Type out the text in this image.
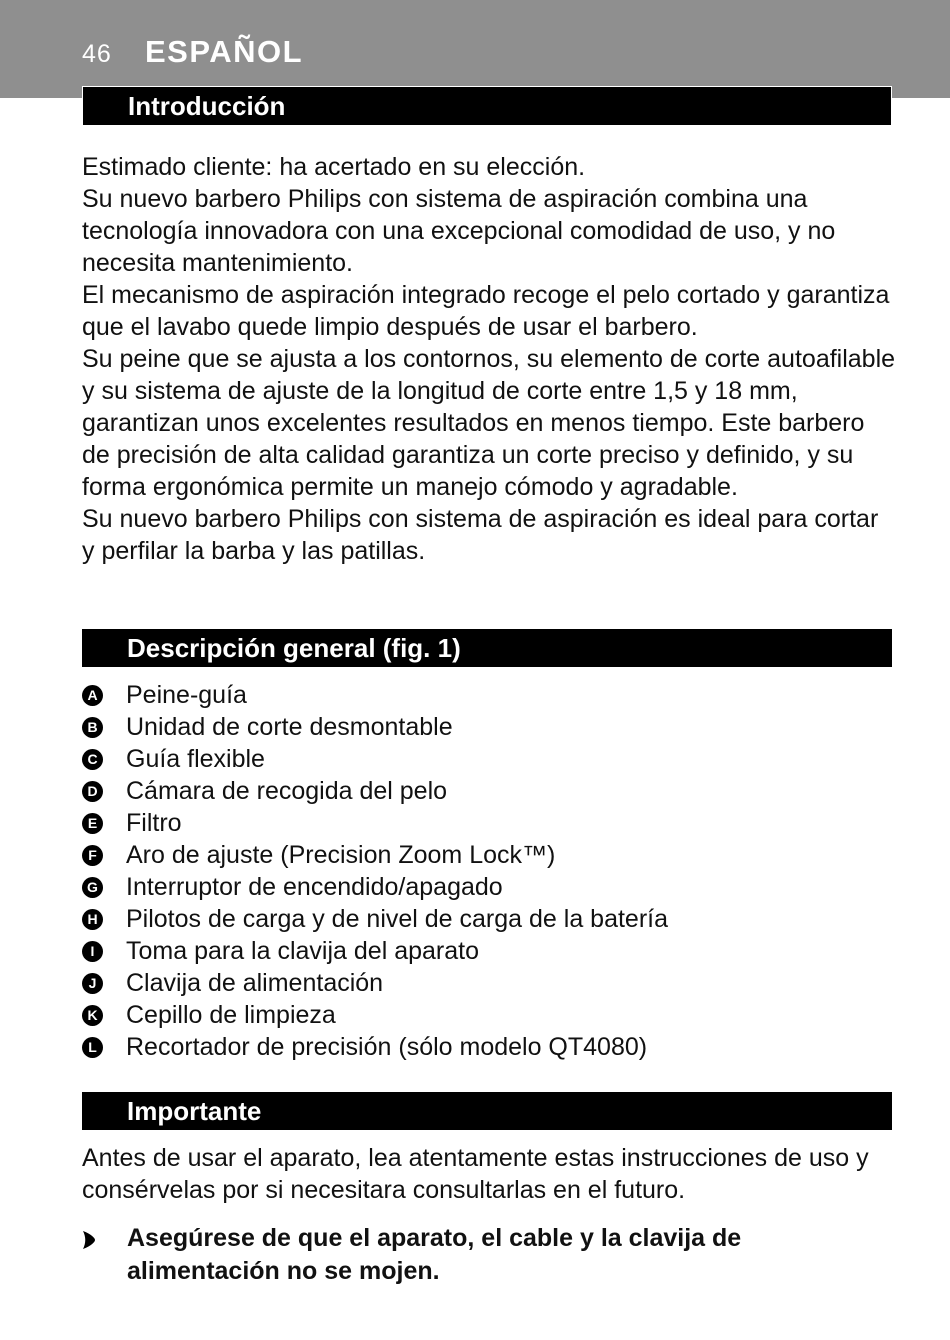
46 ESPAÑOL
Introducción

Estimado cliente: ha acertado en su elección.

Su nuevo barbero Philips con sistema de aspiración combina una tecnología innovadora con una excepcional comodidad de uso, y no necesita mantenimiento.

El mecanismo de aspiración integrado recoge el pelo cortado y garantiza que el lavabo quede limpio después de usar el barbero.

Su peine que se ajusta a los contornos, su elemento de corte autoafilable y su sistema de ajuste de la longitud de corte entre 1,5 y 18 mm, garantizan unos excelentes resultados en menos tiempo. Este barbero de precisión de alta calidad garantiza un corte preciso y definido, y su forma ergonómica permite un manejo cómodo y agradable.

Su nuevo barbero Philips con sistema de aspiración es ideal para cortar y perfilar la barba y las patillas.

Descripción general (fig. 1)
A Peine-guía
B Unidad de corte desmontable
C Guía flexible
D Cámara de recogida del pelo
E Filtro
F Aro de ajuste (Precision Zoom Lock™)
G Interruptor de encendido/apagado
H Pilotos de carga y de nivel de carga de la batería
I	Toma para la clavija del aparato
J Clavija de alimentación
K Cepillo de limpieza
L Recortador de precisión (sólo modelo QT4080)
Importante

Antes de usar el aparato, lea atentamente estas instrucciones de uso y consérvelas por si necesitara consultarlas en el futuro.

Asegúrese de que el aparato, el cable y la clavija de alimentación no se mojen.
